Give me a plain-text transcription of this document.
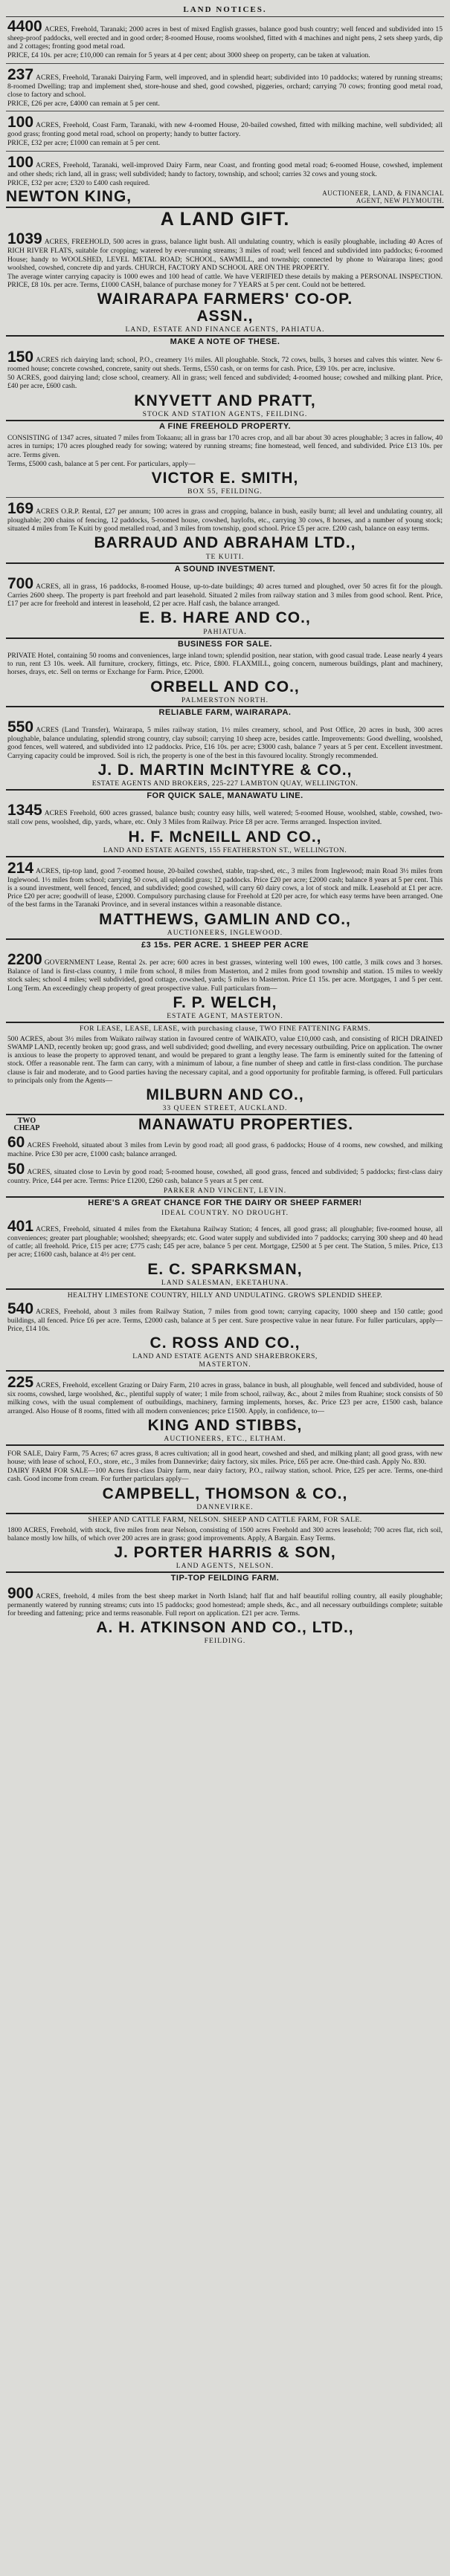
LAND NOTICES.

4400 ACRES, Freehold, Taranaki; 2000 acres in best of mixed English grasses, balance good bush country; well fenced and subdivided into 15 sheep-proof paddocks, well erected and in good order; 8-roomed House, rooms woolshed, fitted with 4 machines and night pens, 2 sets sheep yards, dip and 2 cottages; fronting good metal road.

PRICE, £4 10s. per acre; £10,000 can remain for 5 years at 4 per cent; about 3000 sheep on property, can be taken at valuation.

237 ACRES, Freehold, Taranaki Dairying Farm, well improved, and in splendid heart; subdivided into 10 paddocks; watered by running streams; 8-roomed Dwelling; trap and implement shed, store-house and shed, good cowshed, piggeries, orchard; carrying 70 cows; fronting good metal road, close to factory and school.

PRICE, £26 per acre, £4000 can remain at 5 per cent.

100 ACRES, Freehold, Coast Farm, Taranaki, with new 4-roomed House, 20-bailed cowshed, fitted with milking machine, well subdivided; all good grass; fronting good metal road, school on property; handy to butter factory.

PRICE, £32 per acre; £1000 can remain at 5 per cent.

100 ACRES, Freehold, Taranaki, well-improved Dairy Farm, near Coast, and fronting good metal road; 6-roomed House, cowshed, implement and other sheds; rich land, all in grass; well subdivided; handy to factory, township, and school; carries 32 cows and young stock.

PRICE, £32 per acre; £320 to £400 cash required.

NEWTON KING,	AUCTIONEER, LAND, & FINANCIAL
AGENT, NEW PLYMOUTH.
A LAND GIFT.

1039 ACRES, FREEHOLD, 500 acres in grass, balance light bush. All undulating country, which is easily ploughable, including 40 Acres of RICH RIVER FLATS, suitable for cropping; watered by ever-running streams; 3 miles of road; well fenced and subdivided into paddocks; 6-roomed House; handy to WOOLSHED, LEVEL METAL ROAD; SCHOOL, SAWMILL, and township; connected by phone to Wairarapa lines; good woolshed, cowshed, concrete dip and yards. CHURCH, FACTORY AND SCHOOL ARE ON THE PROPERTY.

The average winter carrying capacity is 1000 ewes and 100 head of cattle. We have VERIFIED these details by making a PERSONAL INSPECTION. PRICE, £8 10s. per acre. Terms, £1000 CASH, balance of purchase money for 7 YEARS at 5 per cent. Could not be bettered.

WAIRARAPA FARMERS' CO-OP.
ASSN.,
LAND, ESTATE AND FINANCE AGENTS, PAHIATUA.
MAKE A NOTE OF THESE.

150 ACRES rich dairying land; school, P.O., creamery 1½ miles. All ploughable. Stock, 72 cows, bulls, 3 horses and calves this winter. New 6-roomed house; concrete cowshed, concrete, sanity out sheds. Terms, £550 cash, or on terms for cash. Price, £39 10s. per acre, inclusive.

50 ACRES, good dairying land; close school, creamery. All in grass; well fenced and subdivided; 4-roomed house; cowshed and milking plant. Price, £40 per acre, £600 cash.

KNYVETT AND PRATT,
STOCK AND STATION AGENTS, FEILDING.
A FINE FREEHOLD PROPERTY.

CONSISTING of 1347 acres, situated 7 miles from Tokaanu; all in grass bar 170 acres crop, and all bar about 30 acres ploughable; 3 acres in fallow, 40 acres in turnips; 170 acres ploughed ready for sowing; watered by running streams; fine homestead, well fenced, and subdivided. Price £13 10s. per acre. Terms given.

Terms, £5000 cash, balance at 5 per cent. For particulars, apply—

VICTOR E. SMITH,
BOX 55, FEILDING.

169 ACRES O.R.P. Rental, £27 per annum; 100 acres in grass and cropping, balance in bush, easily burnt; all level and undulating country, all ploughable; 200 chains of fencing, 12 paddocks, 5-roomed house, cowshed, haylofts, etc., carrying 30 cows, 8 horses, and a number of young stock; situated 4 miles from Te Kuiti by good metalled road, and 3 miles from township, good school. Price £5 per acre. £200 cash, balance on easy terms.

BARRAUD AND ABRAHAM LTD.,
TE KUITI.
A SOUND INVESTMENT.

700 ACRES, all in grass, 16 paddocks, 8-roomed House, up-to-date buildings; 40 acres turned and ploughed, over 50 acres fit for the plough. Carries 2600 sheep. The property is part freehold and part leasehold. Situated 2 miles from railway station and 3 miles from good school. Rent. Price, £17 per acre for freehold and interest in leasehold, £2 per acre. Half cash, the balance arranged.

E. B. HARE AND CO.,
PAHIATUA.
BUSINESS FOR SALE.

PRIVATE Hotel, containing 50 rooms and conveniences, large inland town; splendid position, near station, with good casual trade. Lease nearly 4 years to run, rent £3 10s. week. All furniture, crockery, fittings, etc. Price, £800. FLAXMILL, going concern, numerous buildings, plant and machinery, horses, drays, etc. Sell on terms or Exchange for Farm. Price, £2000.

ORBELL AND CO.,
PALMERSTON NORTH.
RELIABLE FARM, WAIRARAPA.

550 ACRES (Land Transfer), Wairarapa, 5 miles railway station, 1½ miles creamery, school, and Post Office, 20 acres in bush, 300 acres ploughable, balance undulating, splendid strong country, clay subsoil; carrying 10 sheep acre, besides cattle. Improvements: Good dwelling, woolshed, good fences, well watered, and subdivided into 12 paddocks. Price, £16 10s. per acre; £3000 cash, balance 7 years at 5 per cent. Excellent investment. Carrying capacity could be improved. Soil is rich, the property is one of the best in this favoured locality. Strongly recommended.

J. D. MARTIN McINTYRE & CO.,
ESTATE AGENTS AND BROKERS, 225-227 LAMBTON QUAY, WELLINGTON.
FOR QUICK SALE, MANAWATU LINE.

1345 ACRES Freehold, 600 acres grassed, balance bush; country easy hills, well watered; 5-roomed House, woolshed, stable, cowshed, two-stall cow pens, woolshed, dip, yards, whare, etc. Only 3 Miles from Railway. Price £8 per acre. Terms arranged. Inspection invited.

H. F. McNEILL AND CO.,
LAND AND ESTATE AGENTS, 155 FEATHERSTON ST., WELLINGTON.

214 ACRES, tip-top land, good 7-roomed house, 20-bailed cowshed, stable, trap-shed, etc., 3 miles from Inglewood; main Road 3½ miles from Inglewood. 1½ miles from school; carrying 50 cows, all splendid grass; 12 paddocks. Price £20 per acre; £2000 cash; balance 8 years at 5 per cent. This is a sound investment, well fenced, fenced, and subdivided; good cowshed, will carry 60 dairy cows, a lot of stock and milk. Leasehold at £1 per acre. Price £20 per acre; goodwill of lease, £2000. Compulsory purchasing clause for Freehold at £20 per acre, for which easy terms have been arranged. One of the best farms in the Taranaki Province, and in several instances within a reasonable distance.

MATTHEWS, GAMLIN AND CO.,
AUCTIONEERS, INGLEWOOD.
£3 15s. PER ACRE. 1 SHEEP PER ACRE

2200 GOVERNMENT Lease, Rental 2s. per acre; 600 acres in best grasses, wintering well 100 ewes, 100 cattle, 3 milk cows and 3 horses. Balance of land is first-class country, 1 mile from school, 8 miles from Masterton, and 2 miles from good township and station. 15 miles to weekly stock sales; school 4 miles; well subdivided, good cottage, cowshed, yards; 5 miles to Masterton. Price £1 15s. per acre. Mortgages, 1 and 5 per cent. Long Term. An exceedingly cheap property of great prospective value. Full particulars from—

F. P. WELCH,
ESTATE AGENT, MASTERTON.
FOR LEASE, LEASE, LEASE, with purchasing clause, TWO FINE FATTENING FARMS.

500 ACRES, about 3½ miles from Waikato railway station in favoured centre of WAIKATO, value £10,000 cash, and consisting of RICH DRAINED SWAMP LAND, recently broken up; good grass, and well subdivided; good dwelling, and every necessary outbuilding. Price on application. The owner is anxious to lease the property to approved tenant, and would be prepared to grant a lengthy lease. The farm is eminently suited for the fattening of stock. Offer a reasonable rent. The farm can carry, with a minimum of labour, a fine number of sheep and cattle in first-class condition. The purchase clause is fair and moderate, and to Good parties having the necessary capital, and a good opportunity for profitable farming, is offered. Full particulars to principals only from the Agents—

MILBURN AND CO.,
33 QUEEN STREET, AUCKLAND.
TWO CHEAP	MANAWATU PROPERTIES.

60 ACRES Freehold, situated about 3 miles from Levin by good road; all good grass, 6 paddocks; House of 4 rooms, new cowshed, and milking machine. Price £30 per acre, £1000 cash; balance arranged.

50 ACRES, situated close to Levin by good road; 5-roomed house, cowshed, all good grass, fenced and subdivided; 5 paddocks; first-class dairy country. Price, £44 per acre. Terms: Price £1200, £260 cash, balance 5 years at 5 per cent.

PARKER AND VINCENT, LEVIN.
HERE'S A GREAT CHANCE FOR THE DAIRY OR SHEEP FARMER!
IDEAL COUNTRY. NO DROUGHT.

401 ACRES, Freehold, situated 4 miles from the Eketahuna Railway Station; 4 fences, all good grass; all ploughable; five-roomed house, all conveniences; greater part ploughable; woolshed; sheepyards; etc. Good water supply and subdivided into 7 paddocks; carrying 300 sheep and 40 head of cattle; all freehold. Price, £15 per acre; £775 cash; £45 per acre, balance 5 per cent. Mortgage, £2500 at 5 per cent. The Station, 5 miles. Price, £13 per acre; £1600 cash, balance at 4½ per cent.

E. C. SPARKSMAN,
LAND SALESMAN, EKETAHUNA.
HEALTHY LIMESTONE COUNTRY, HILLY AND UNDULATING. GROWS SPLENDID SHEEP.

540 ACRES, Freehold, about 3 miles from Railway Station, 7 miles from good town; carrying capacity, 1000 sheep and 150 cattle; good buildings, all fenced. Price £6 per acre. Terms, £2000 cash, balance at 5 per cent. Sure prospective value in near future. For fuller particulars, apply— Price, £14 10s.

C. ROSS AND CO.,
LAND AND ESTATE AGENTS AND SHAREBROKERS,
MASTERTON.

225 ACRES, Freehold, excellent Grazing or Dairy Farm, 210 acres in grass, balance in bush, all ploughable, well fenced and subdivided, house of six rooms, cowshed, large woolshed, &c., plentiful supply of water; 1 mile from school, railway, &c., about 2 miles from Ruahine; stock consists of 50 milking cows, with the usual complement of outbuildings, machinery, farming implements, horses, &c. Price £23 per acre, £1500 cash, balance arranged. Also House of 8 rooms, fitted with all modern conveniences; price £1500. Apply, in confidence, to—

KING AND STIBBS,
AUCTIONEERS, ETC., ELTHAM.

FOR SALE, Dairy Farm, 75 Acres; 67 acres grass, 8 acres cultivation; all in good heart, cowshed and shed, and milking plant; all good grass, with new house; with lease of school, F.O., store, etc., 3 miles from Dannevirke; dairy factory, six miles. Price, £65 per acre. One-third cash. Apply No. 830.

DAIRY FARM FOR SALE—100 Acres first-class Dairy farm, near dairy factory, P.O., railway station, school. Price, £25 per acre. Terms, one-third cash. Good income from cream. For further particulars apply—

CAMPBELL, THOMSON & CO.,
DANNEVIRKE.
SHEEP AND CATTLE FARM, NELSON. SHEEP AND CATTLE FARM, FOR SALE.

1800 ACRES, Freehold, with stock, five miles from near Nelson, consisting of 1500 acres Freehold and 300 acres leasehold; 700 acres flat, rich soil, balance mostly low hills, of which over 200 acres are in grass; good improvements. Apply, A Bargain. Easy Terms.

J. PORTER HARRIS & SON,
LAND AGENTS, NELSON.
TIP-TOP FEILDING FARM.

900 ACRES, freehold, 4 miles from the best sheep market in North Island; half flat and half beautiful rolling country, all easily ploughable; permanently watered by running streams; cuts into 15 paddocks; good homestead; ample sheds, &c., and all necessary outbuildings complete; suitable for breeding and fattening; price and terms reasonable. Full report on application. £21 per acre. Terms.

A. H. ATKINSON AND CO., LTD.,
FEILDING.
